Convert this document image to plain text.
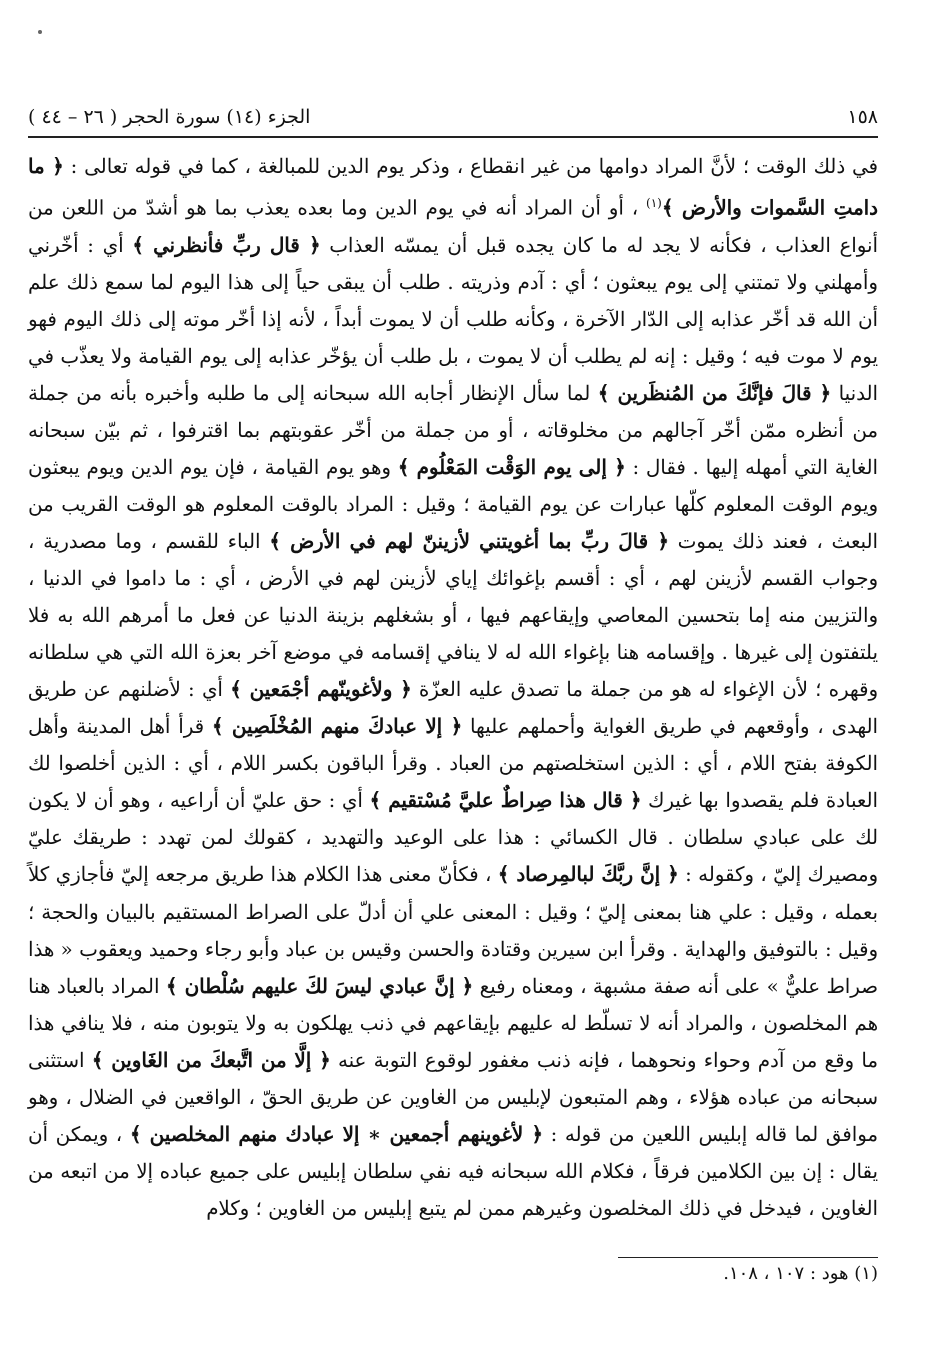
١٥٨
الجزء (١٤) سورة الحجر ( ٢٦ – ٤٤ )

في ذلك الوقت ؛ لأنَّ المراد دوامها من غير انقطاع ، وذكر يوم الدين للمبالغة ، كما في قوله تعالى : ﴿ ما دامتِ السَّموات والأرض ﴾$^{(١)}$ ، أو أن المراد أنه في يوم الدين وما بعده يعذب بما هو أشدّ من اللعن من أنواع العذاب ، فكأنه لا يجد له ما كان يجده قبل أن يمسّه العذاب ﴿ قال ربِّ فأنظرني ﴾ أي : أخّرني وأمهلني ولا تمتني إلى يوم يبعثون ؛ أي : آدم وذريته . طلب أن يبقى حياً إلى هذا اليوم لما سمع ذلك علم أن الله قد أخّر عذابه إلى الدّار الآخرة ، وكأنه طلب أن لا يموت أبداً ، لأنه إذا أخّر موته إلى ذلك اليوم فهو يوم لا موت فيه ؛ وقيل : إنه لم يطلب أن لا يموت ، بل طلب أن يؤخّر عذابه إلى يوم القيامة ولا يعذّب في الدنيا ﴿ قالَ فإنَّكَ من المُنظَرين ﴾ لما سأل الإنظار أجابه الله سبحانه إلى ما طلبه وأخبره بأنه من جملة من أنظره ممّن أخّر آجالهم من مخلوقاته ، أو من جملة من أخّر عقوبتهم بما اقترفوا ، ثم بيّن سبحانه الغاية التي أمهله إليها . فقال : ﴿ إلى يوم الوَقْت المَعْلُوم ﴾ وهو يوم القيامة ، فإن يوم الدين ويوم يبعثون ويوم الوقت المعلوم كلّها عبارات عن يوم القيامة ؛ وقيل : المراد بالوقت المعلوم هو الوقت القريب من البعث ، فعند ذلك يموت ﴿ قالَ ربِّ بما أغويتني لأزيننّ لهم في الأرض ﴾ الباء للقسم ، وما مصدرية ، وجواب القسم لأزينن لهم ، أي : أقسم بإغوائك إياي لأزينن لهم في الأرض ، أي : ما داموا في الدنيا ، والتزيين منه إما بتحسين المعاصي وإيقاعهم فيها ، أو بشغلهم بزينة الدنيا عن فعل ما أمرهم الله به فلا يلتفتون إلى غيرها . وإقسامه هنا بإغواء الله له لا ينافي إقسامه في موضع آخر بعزة الله التي هي سلطانه وقهره ؛ لأن الإغواء له هو من جملة ما تصدق عليه العزّة ﴿ ولأغوينّهم أجْمَعين ﴾ أي : لأضلنهم عن طريق الهدى ، وأوقعهم في طريق الغواية وأحملهم عليها ﴿ إلا عبادكَ منهم المُخْلَصِين ﴾ قرأ أهل المدينة وأهل الكوفة بفتح اللام ، أي : الذين استخلصتهم من العباد . وقرأ الباقون بكسر اللام ، أي : الذين أخلصوا لك العبادة فلم يقصدوا بها غيرك ﴿ قال هذا صِراطٌ عليَّ مُسْتقيم ﴾ أي : حق عليّ أن أراعيه ، وهو أن لا يكون لك على عبادي سلطان . قال الكسائي : هذا على الوعيد والتهديد ، كقولك لمن تهدد : طريقك عليّ ومصيرك إليّ ، وكقوله : ﴿ إنَّ ربَّكَ لبالمِرصاد ﴾ ، فكأنّ معنى هذا الكلام هذا طريق مرجعه إليّ فأجازي كلاً بعمله ، وقيل : علي هنا بمعنى إليّ ؛ وقيل : المعنى علي أن أدلّ على الصراط المستقيم بالبيان والحجة ؛ وقيل : بالتوفيق والهداية . وقرأ ابن سيرين وقتادة والحسن وقيس بن عباد وأبو رجاء وحميد ويعقوب « هذا صراط عليٌّ » على أنه صفة مشبهة ، ومعناه رفيع ﴿ إنَّ عبادي ليسَ لكَ عليهم سُلْطان ﴾ المراد بالعباد هنا هم المخلصون ، والمراد أنه لا تسلّط له عليهم بإيقاعهم في ذنب يهلكون به ولا يتوبون منه ، فلا ينافي هذا ما وقع من آدم وحواء ونحوهما ، فإنه ذنب مغفور لوقوع التوبة عنه ﴿ إلَّا من اتَّبعكَ من الغَاوين ﴾ استثنى سبحانه من عباده هؤلاء ، وهم المتبعون لإبليس من الغاوين عن طريق الحقّ ، الواقعين في الضلال ، وهو موافق لما قاله إبليس اللعين من قوله : ﴿ لأغوينهم أجمعين ∗ إلا عبادك منهم المخلصين ﴾ ، ويمكن أن يقال : إن بين الكلامين فرقاً ، فكلام الله سبحانه فيه نفي سلطان إبليس على جميع عباده إلا من اتبعه من الغاوين ، فيدخل في ذلك المخلصون وغيرهم ممن لم يتبع إبليس من الغاوين ؛ وكلام

(١) هود : ١٠٧ ، ١٠٨.
